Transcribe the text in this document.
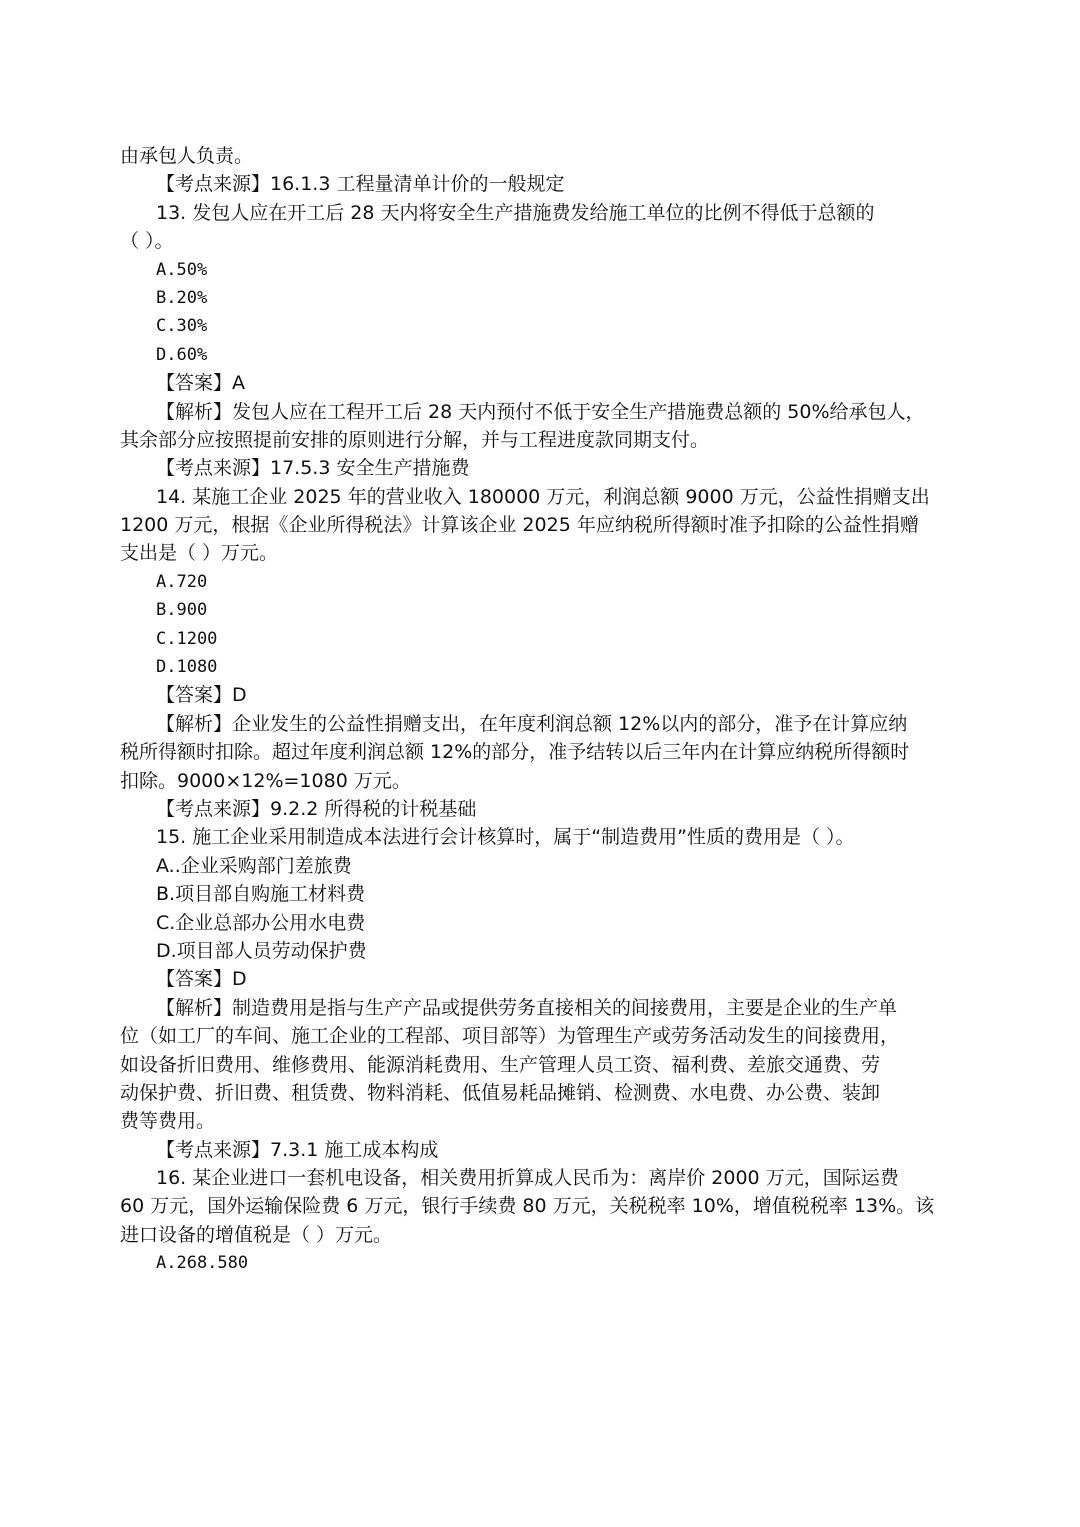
由承包人负责。
【考点来源】16.1.3 工程量清单计价的一般规定
13. 发包人应在开工后 28 天内将安全生产措施费发给施工单位的比例不得低于总额的
（ ）。
A.50%
B.20%
C.30%
D.60%
【答案】A
【解析】发包人应在工程开工后 28 天内预付不低于安全生产措施费总额的 50%给承包人，
其余部分应按照提前安排的原则进行分解，并与工程进度款同期支付。
【考点来源】17.5.3 安全生产措施费
14. 某施工企业 2025 年的营业收入 180000 万元，利润总额 9000 万元，公益性捐赠支出
1200 万元，根据《企业所得税法》计算该企业 2025 年应纳税所得额时准予扣除的公益性捐赠
支出是（ ）万元。
A.720
B.900
C.1200
D.1080
【答案】D
【解析】企业发生的公益性捐赠支出，在年度利润总额 12%以内的部分，准予在计算应纳
税所得额时扣除。超过年度利润总额 12%的部分，准予结转以后三年内在计算应纳税所得额时
扣除。9000×12%=1080 万元。
【考点来源】9.2.2 所得税的计税基础
15. 施工企业采用制造成本法进行会计核算时，属于“制造费用”性质的费用是（ ）。
A..企业采购部门差旅费
B.项目部自购施工材料费
C.企业总部办公用水电费
D.项目部人员劳动保护费
【答案】D
【解析】制造费用是指与生产产品或提供劳务直接相关的间接费用，主要是企业的生产单
位（如工厂的车间、施工企业的工程部、项目部等）为管理生产或劳务活动发生的间接费用，
如设备折旧费用、维修费用、能源消耗费用、生产管理人员工资、福利费、差旅交通费、劳
动保护费、折旧费、租赁费、物料消耗、低值易耗品摊销、检测费、水电费、办公费、装卸
费等费用。
【考点来源】7.3.1 施工成本构成
16. 某企业进口一套机电设备，相关费用折算成人民币为：离岸价 2000 万元，国际运费
60 万元，国外运输保险费 6 万元，银行手续费 80 万元，关税税率 10%，增值税税率 13%。该
进口设备的增值税是（ ）万元。
A.268.580
